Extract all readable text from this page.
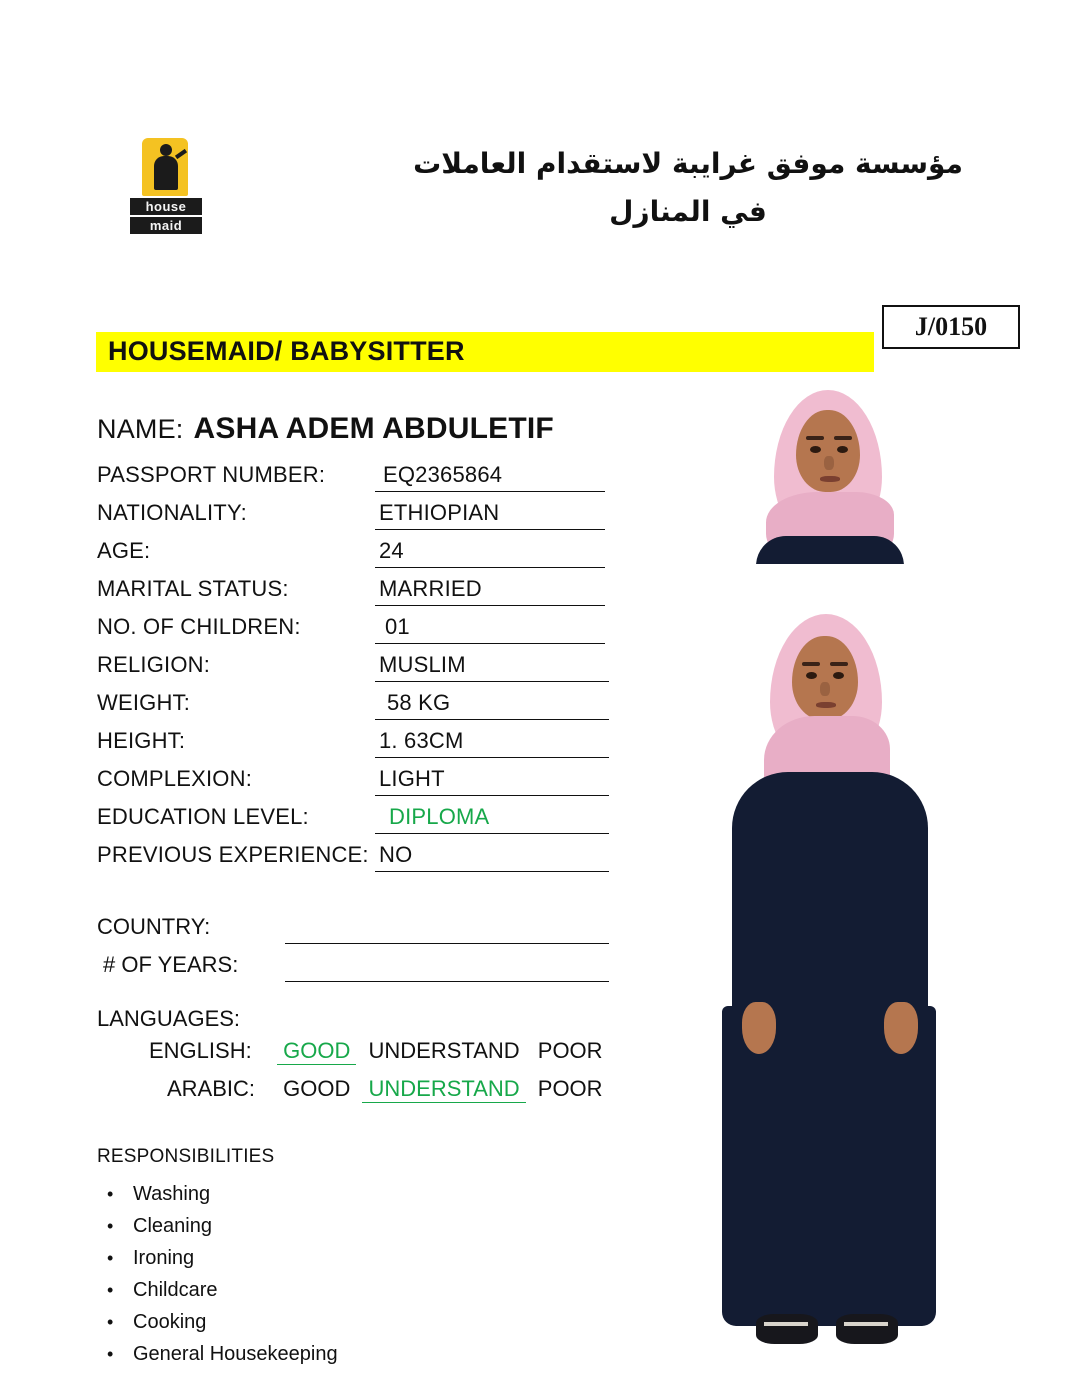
house
maid
مؤسسة موفق غرايبة لاستقدام العاملات
في المنازل
J/0150
HOUSEMAID/ BABYSITTER
NAME: ASHA ADEM ABDULETIF
PASSPORT NUMBER:	EQ2365864
NATIONALITY:	ETHIOPIAN
AGE:	24
MARITAL STATUS:	MARRIED
NO. OF CHILDREN:	01
RELIGION:	MUSLIM
WEIGHT:	58 KG
HEIGHT:	1. 63CM
COMPLEXION:	LIGHT
EDUCATION LEVEL:	DIPLOMA
PREVIOUS EXPERIENCE: NO
COUNTRY:
# OF YEARS:
LANGUAGES:
ENGLISH: GOOD UNDERSTAND POOR
ARABIC: GOOD UNDERSTAND POOR
RESPONSIBILITIES
• Washing
• Cleaning
• Ironing
• Childcare
• Cooking
• General Housekeeping
